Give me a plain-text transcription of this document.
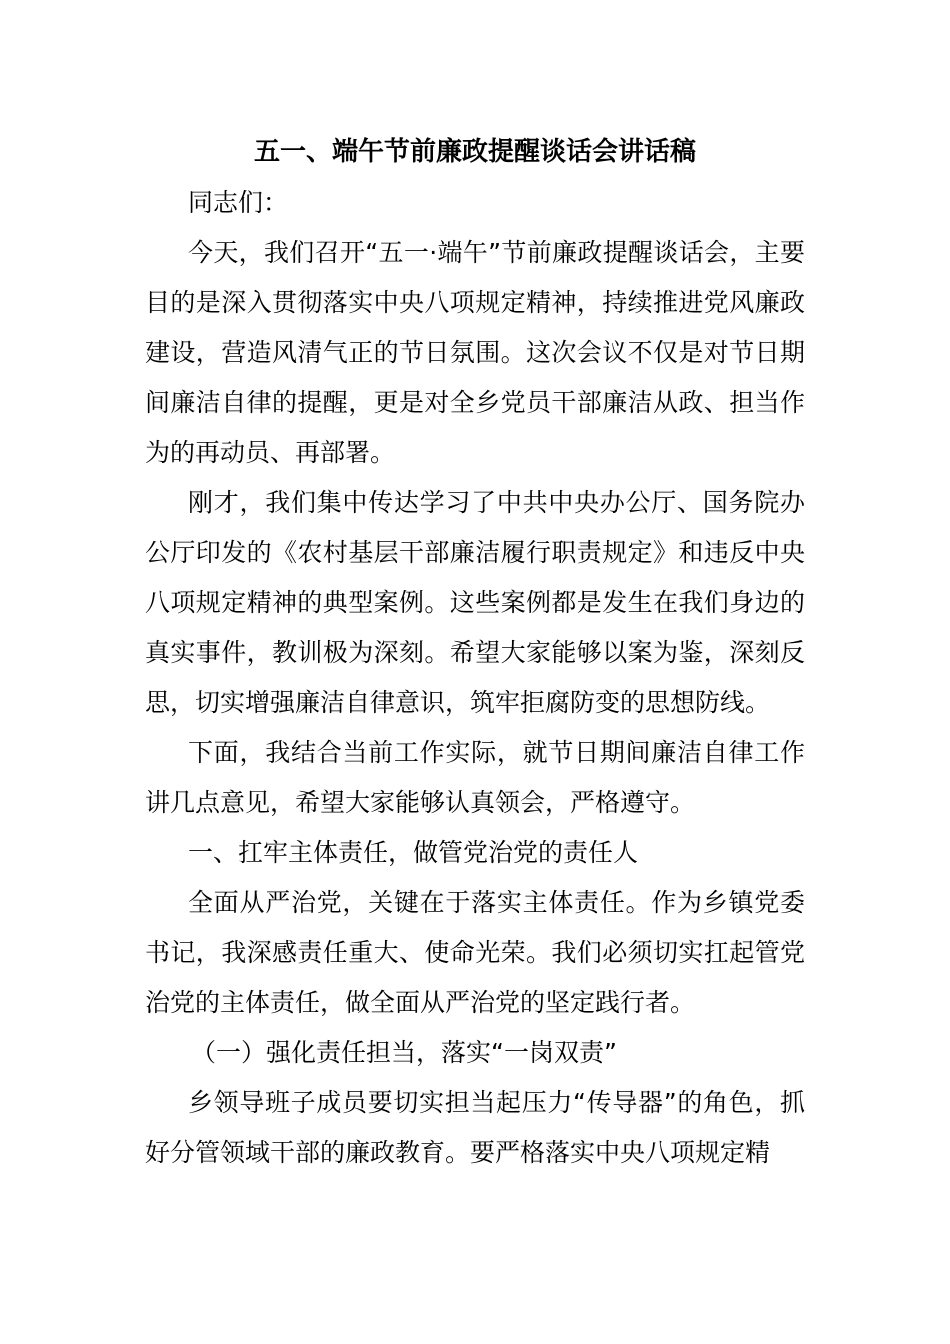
五一、端午节前廉政提醒谈话会讲话稿

同志们：

今天，我们召开“五一·端午”节前廉政提醒谈话会，主要目的是深入贯彻落实中央八项规定精神，持续推进党风廉政建设，营造风清气正的节日氛围。这次会议不仅是对节日期间廉洁自律的提醒，更是对全乡党员干部廉洁从政、担当作为的再动员、再部署。

刚才，我们集中传达学习了中共中央办公厅、国务院办公厅印发的《农村基层干部廉洁履行职责规定》和违反中央八项规定精神的典型案例。这些案例都是发生在我们身边的真实事件，教训极为深刻。希望大家能够以案为鉴，深刻反思，切实增强廉洁自律意识，筑牢拒腐防变的思想防线。

下面，我结合当前工作实际，就节日期间廉洁自律工作讲几点意见，希望大家能够认真领会，严格遵守。

一、扛牢主体责任，做管党治党的责任人

全面从严治党，关键在于落实主体责任。作为乡镇党委书记，我深感责任重大、使命光荣。我们必须切实扛起管党治党的主体责任，做全面从严治党的坚定践行者。

（一）强化责任担当，落实“一岗双责”

乡领导班子成员要切实担当起压力“传导器”的角色，抓好分管领域干部的廉政教育。要严格落实中央八项规定精
